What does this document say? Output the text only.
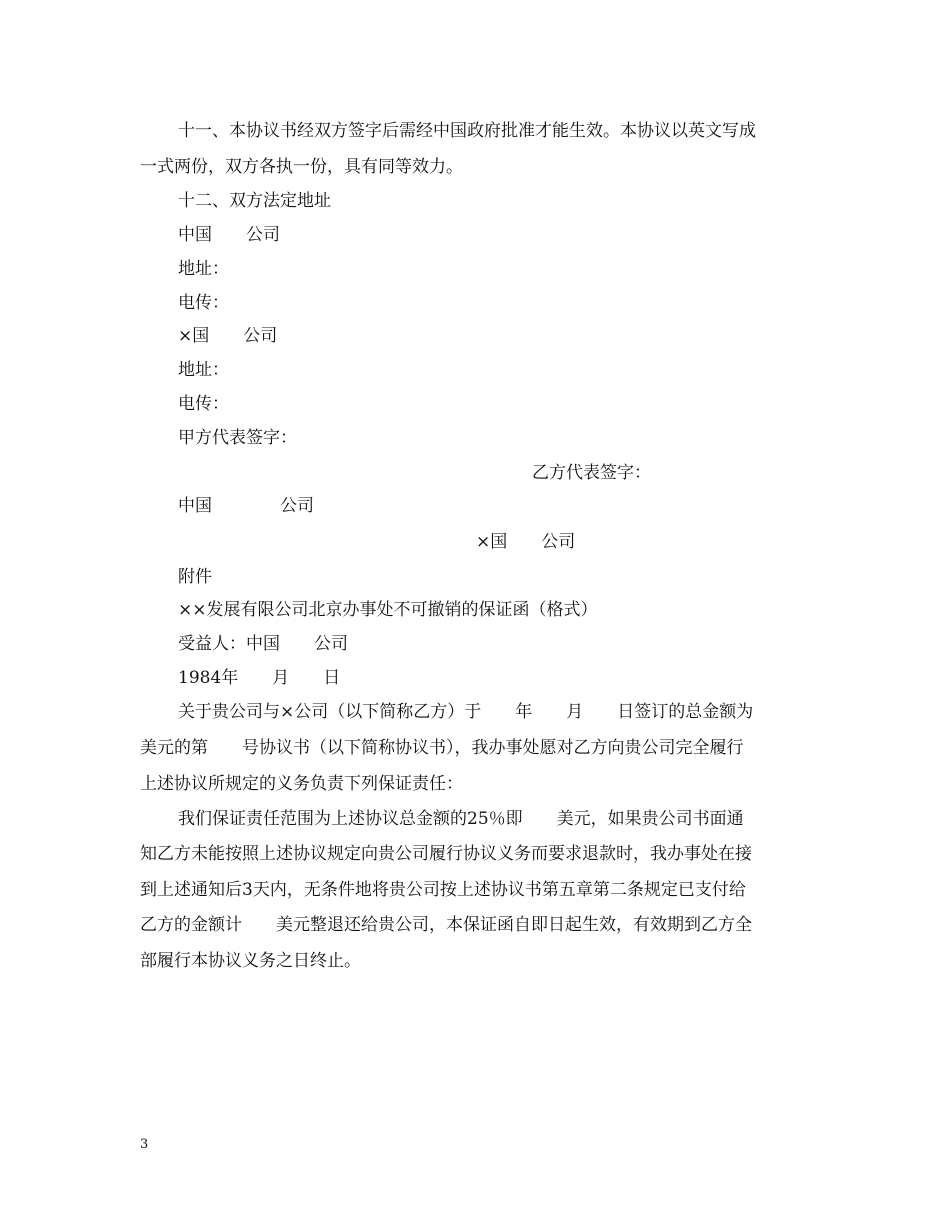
十一、本协议书经双方签字后需经中国政府批准才能生效。本协议以英文写成
一式两份，双方各执一份，具有同等效力。
十二、双方法定地址
中国　　公司
地址：
电传：
×国　　公司
地址：
电传：
甲方代表签字：
乙方代表签字：
中国　　　　公司
×国　　公司
附件
××发展有限公司北京办事处不可撤销的保证函（格式）
受益人：中国　　公司
1984年　　月　　日
关于贵公司与×公司（以下简称乙方）于　　年　　月　　日签订的总金额为
美元的第　　号协议书（以下简称协议书），我办事处愿对乙方向贵公司完全履行
上述协议所规定的义务负责下列保证责任：
我们保证责任范围为上述协议总金额的25％即　　美元，如果贵公司书面通
知乙方未能按照上述协议规定向贵公司履行协议义务而要求退款时，我办事处在接
到上述通知后3天内，无条件地将贵公司按上述协议书第五章第二条规定已支付给
乙方的金额计　　美元整退还给贵公司，本保证函自即日起生效，有效期到乙方全
部履行本协议义务之日终止。
3
